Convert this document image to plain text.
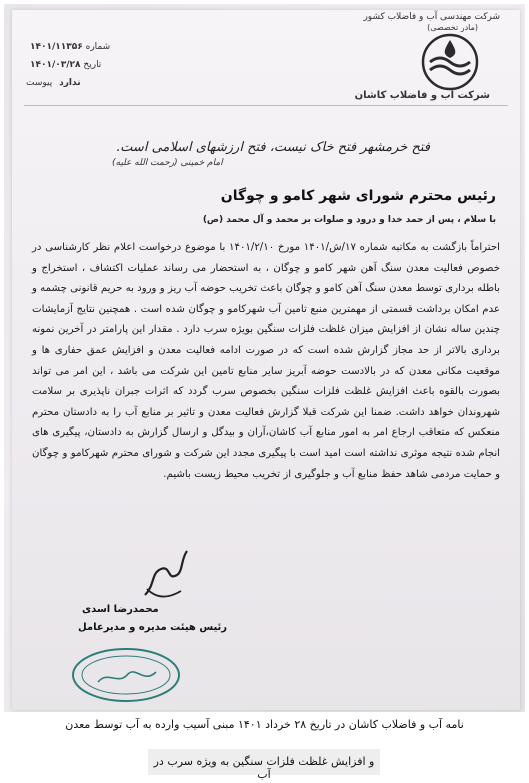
شرکت مهندسی آب و فاضلاب کشور
(مادر تخصصی)
شرکت آب و فاضلاب کاشان
۱۴۰۱/۱۱۳۵۶ شماره
۱۴۰۱/۰۳/۲۸ تاریخ
ندارد پیوست
فتح خرمشهر فتح خاک نیست، فتح ارزشهای اسلامی است.
امام خمینی (رحمت الله علیه)
رئیس محترم شورای شهر کامو و چوگان
با سلام ، پس از حمد خدا و درود و صلوات بر محمد و آل محمد (ص)
احتراماً بازگشت به مکاتبه شماره ۱۷/ش/۱۴۰۱ مورخ ۱۴۰۱/۲/۱۰ با موضوع درخواست اعلام نظر کارشناسی در خصوص فعالیت معدن سنگ آهن شهر کامو و چوگان ، به استحضار می رساند عملیات اکتشاف ، استخراج و باطله برداری توسط معدن سنگ آهن کامو و چوگان باعث تخریب حوضه آب ریز و ورود به حریم قانونی چشمه و عدم امکان برداشت قسمتی از مهمترین منبع تامین آب شهرکامو و چوگان شده است . همچنین نتایج آزمایشات چندین ساله نشان از افزایش میزان غلظت فلزات سنگین بویژه سرب دارد . مقدار این پارامتر در آخرین نمونه برداری بالاتر از حد مجاز گزارش شده است که در صورت ادامه فعالیت معدن و افزایش عمق حفاری ها و موقعیت مکانی معدن که در بالادست حوضه آبریز سایر منابع تامین این شرکت می باشد ، این امر می تواند بصورت بالقوه باعث افزایش غلظت فلزات سنگین بخصوص سرب گردد که اثرات جبران ناپذیری بر سلامت شهروندان خواهد داشت. ضمنا این شرکت قبلا گزارش فعالیت معدن و تاثیر بر منابع آب را به دادستان محترم منعکس که متعاقب ارجاع امر به امور منابع آب کاشان،آران و بیدگل و ارسال گزارش به دادستان، پیگیری های انجام شده نتیجه موثری نداشته است امید است با پیگیری مجدد این شرکت و شورای محترم شهرکامو و چوگان و حمایت مردمی شاهد حفظ منابع آب و جلوگیری از تخریب محیط زیست باشیم.
محمدرضا اسدی
رئیس هیئت مدیره و مدیرعامل
نامه آب و فاضلاب کاشان در تاریخ ۲۸ خرداد ۱۴۰۱ مبنی آسیب وارده به آب توسط معدن
و افزایش غلظت فلزات سنگین به ویژه سرب در آب
